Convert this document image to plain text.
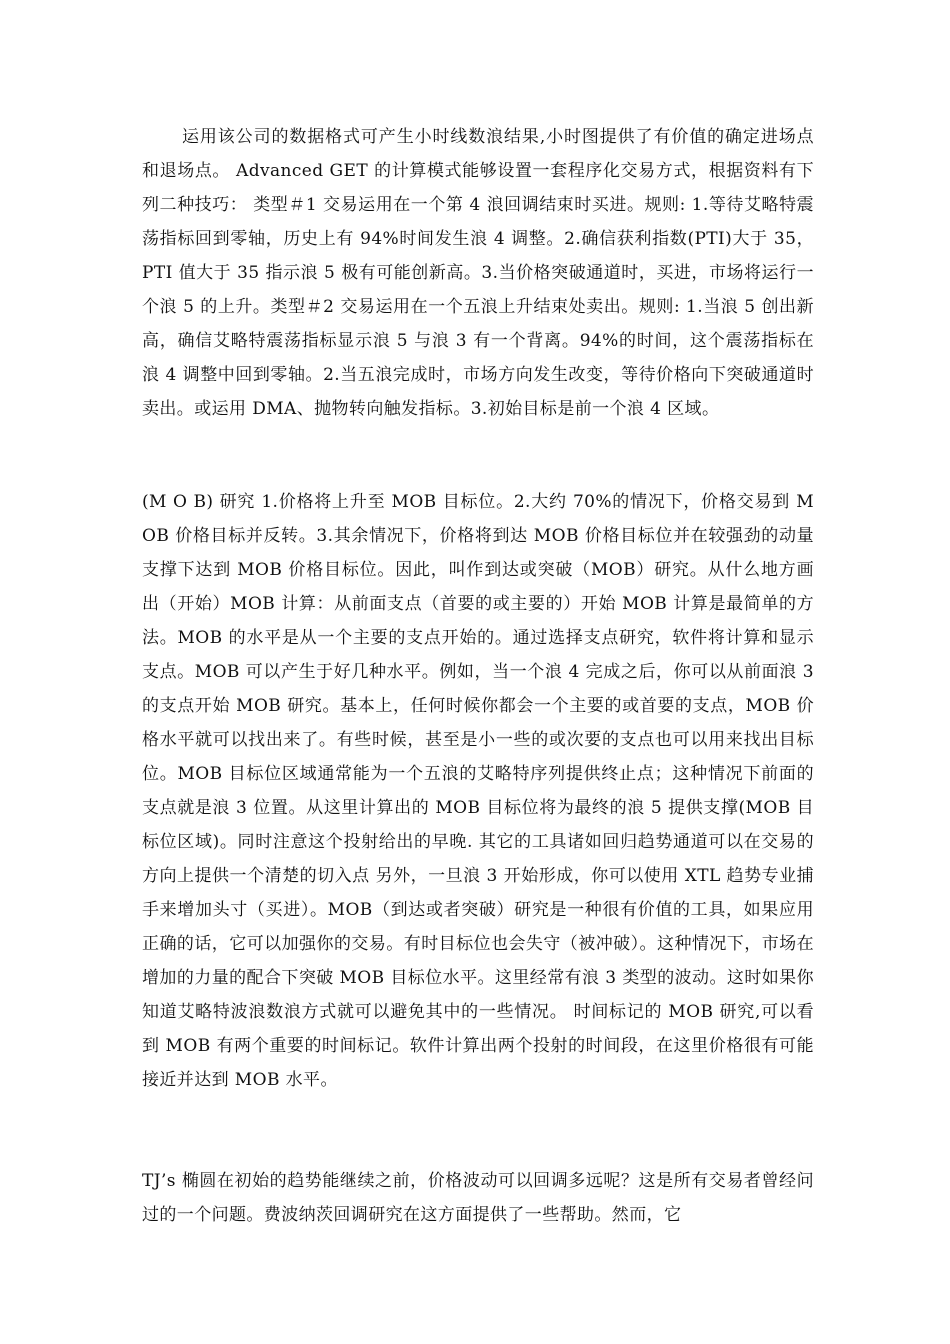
运用该公司的数据格式可产生小时线数浪结果,小时图提供了有价值的确定进场点和退场点。 Advanced GET 的计算模式能够设置一套程序化交易方式，根据资料有下列二种技巧： 类型＃1 交易运用在一个第 4 浪回调结束时买进。规则: 1.等待艾略特震荡指标回到零轴，历史上有 94%时间发生浪 4 调整。2.确信获利指数(PTI)大于 35，PTI 值大于 35 指示浪 5 极有可能创新高。3.当价格突破通道时，买进，市场将运行一个浪 5 的上升。类型＃2 交易运用在一个五浪上升结束处卖出。规则: 1.当浪 5 创出新高，确信艾略特震荡指标显示浪 5 与浪 3 有一个背离。94%的时间，这个震荡指标在浪 4 调整中回到零轴。2.当五浪完成时，市场方向发生改变，等待价格向下突破通道时卖出。或运用 DMA、抛物转向触发指标。3.初始目标是前一个浪 4 区域。

(M O B) 研究 1.价格将上升至 MOB 目标位。2.大约 70%的情况下，价格交易到 MOB 价格目标并反转。3.其余情况下，价格将到达 MOB 价格目标位并在较强劲的动量支撑下达到 MOB 价格目标位。因此，叫作到达或突破（MOB）研究。从什么地方画出（开始）MOB 计算：从前面支点（首要的或主要的）开始 MOB 计算是最简单的方法。MOB 的水平是从一个主要的支点开始的。通过选择支点研究，软件将计算和显示支点。MOB 可以产生于好几种水平。例如，当一个浪 4 完成之后，你可以从前面浪 3 的支点开始 MOB 研究。基本上，任何时候你都会一个主要的或首要的支点，MOB 价格水平就可以找出来了。有些时候，甚至是小一些的或次要的支点也可以用来找出目标位。MOB 目标位区域通常能为一个五浪的艾略特序列提供终止点；这种情况下前面的支点就是浪 3 位置。从这里计算出的 MOB 目标位将为最终的浪 5 提供支撑(MOB 目标位区域)。同时注意这个投射给出的早晚. 其它的工具诸如回归趋势通道可以在交易的方向上提供一个清楚的切入点 另外，一旦浪 3 开始形成，你可以使用 XTL 趋势专业捕手来增加头寸（买进）。MOB（到达或者突破）研究是一种很有价值的工具，如果应用正确的话，它可以加强你的交易。有时目标位也会失守（被冲破）。这种情况下，市场在增加的力量的配合下突破 MOB 目标位水平。这里经常有浪 3 类型的波动。这时如果你知道艾略特波浪数浪方式就可以避免其中的一些情况。 时间标记的 MOB 研究,可以看到 MOB 有两个重要的时间标记。软件计算出两个投射的时间段，在这里价格很有可能接近并达到 MOB 水平。

TJ’s 椭圆在初始的趋势能继续之前，价格波动可以回调多远呢？这是所有交易者曾经问过的一个问题。费波纳茨回调研究在这方面提供了一些帮助。然而，它
